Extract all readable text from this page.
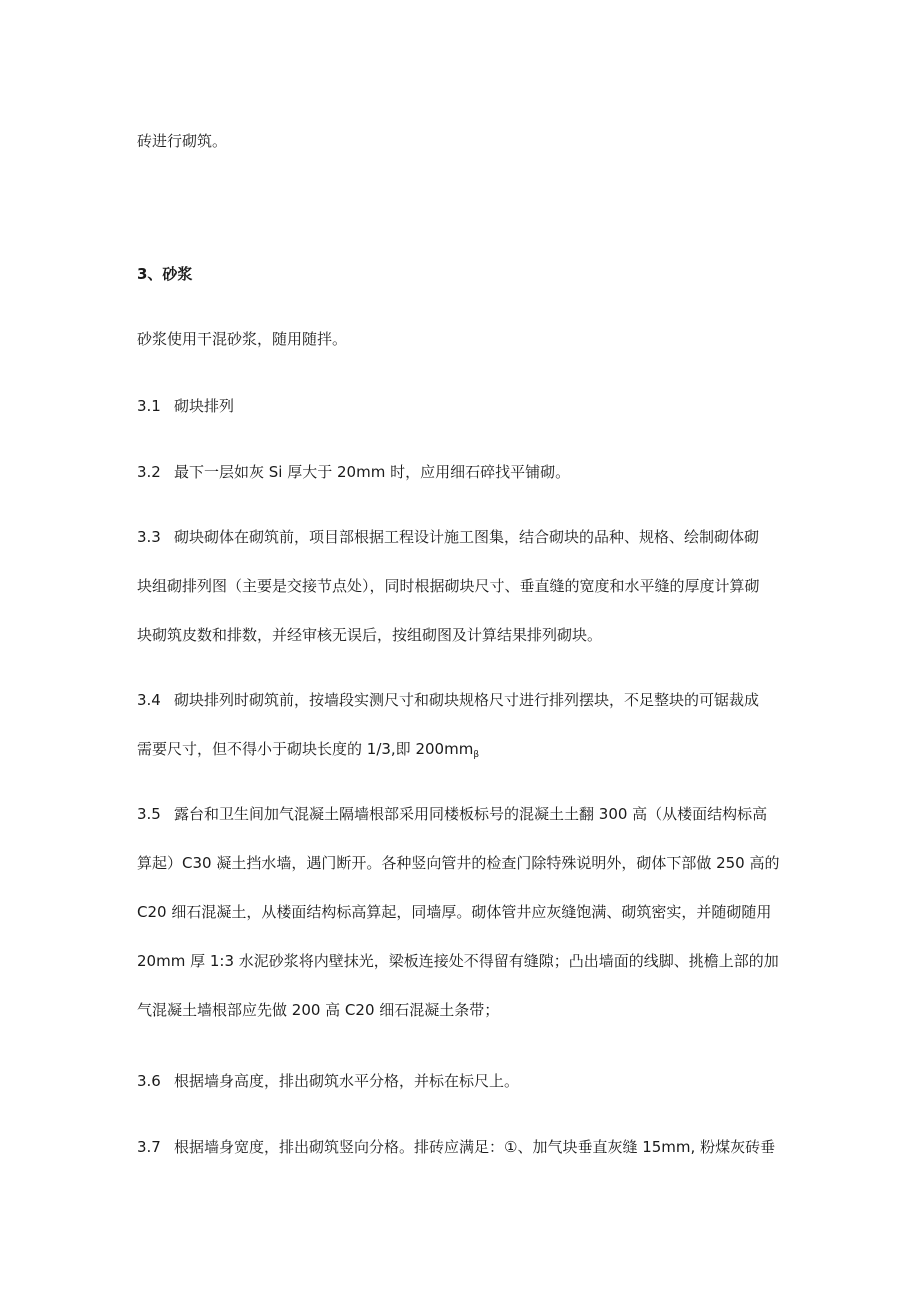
砖进行砌筑。
3、砂浆
砂浆使用干混砂浆，随用随拌。
3.1 砌块排列
3.2 最下一层如灰 Si 厚大于 20mm 时，应用细石碎找平铺砌。
3.3 砌块砌体在砌筑前，项目部根据工程设计施工图集，结合砌块的品种、规格、绘制砌体砌
块组砌排列图（主要是交接节点处），同时根据砌块尺寸、垂直缝的宽度和水平缝的厚度计算砌
块砌筑皮数和排数，并经审核无误后，按组砌图及计算结果排列砌块。
3.4 砌块排列时砌筑前，按墙段实测尺寸和砌块规格尺寸进行排列摆块，不足整块的可锯裁成
需要尺寸，但不得小于砌块长度的 1/3,即 $200mm_\beta$
3.5 露台和卫生间加气混凝土隔墙根部采用同楼板标号的混凝土土翻 300 高（从楼面结构标高
算起）C30 凝土挡水墙，遇门断开。各种竖向管井的检查门除特殊说明外，砌体下部做 250 高的
C20 细石混凝土，从楼面结构标高算起，同墙厚。砌体管井应灰缝饱满、砌筑密实，并随砌随用
20mm 厚 1:3 水泥砂浆将内壁抹光，梁板连接处不得留有缝隙；凸出墙面的线脚、挑檐上部的加
气混凝土墙根部应先做 200 高 C20 细石混凝土条带；
3.6 根据墙身高度，排出砌筑水平分格，并标在标尺上。
3.7 根据墙身宽度，排出砌筑竖向分格。排砖应满足：①、加气块垂直灰缝 15mm, 粉煤灰砖垂
